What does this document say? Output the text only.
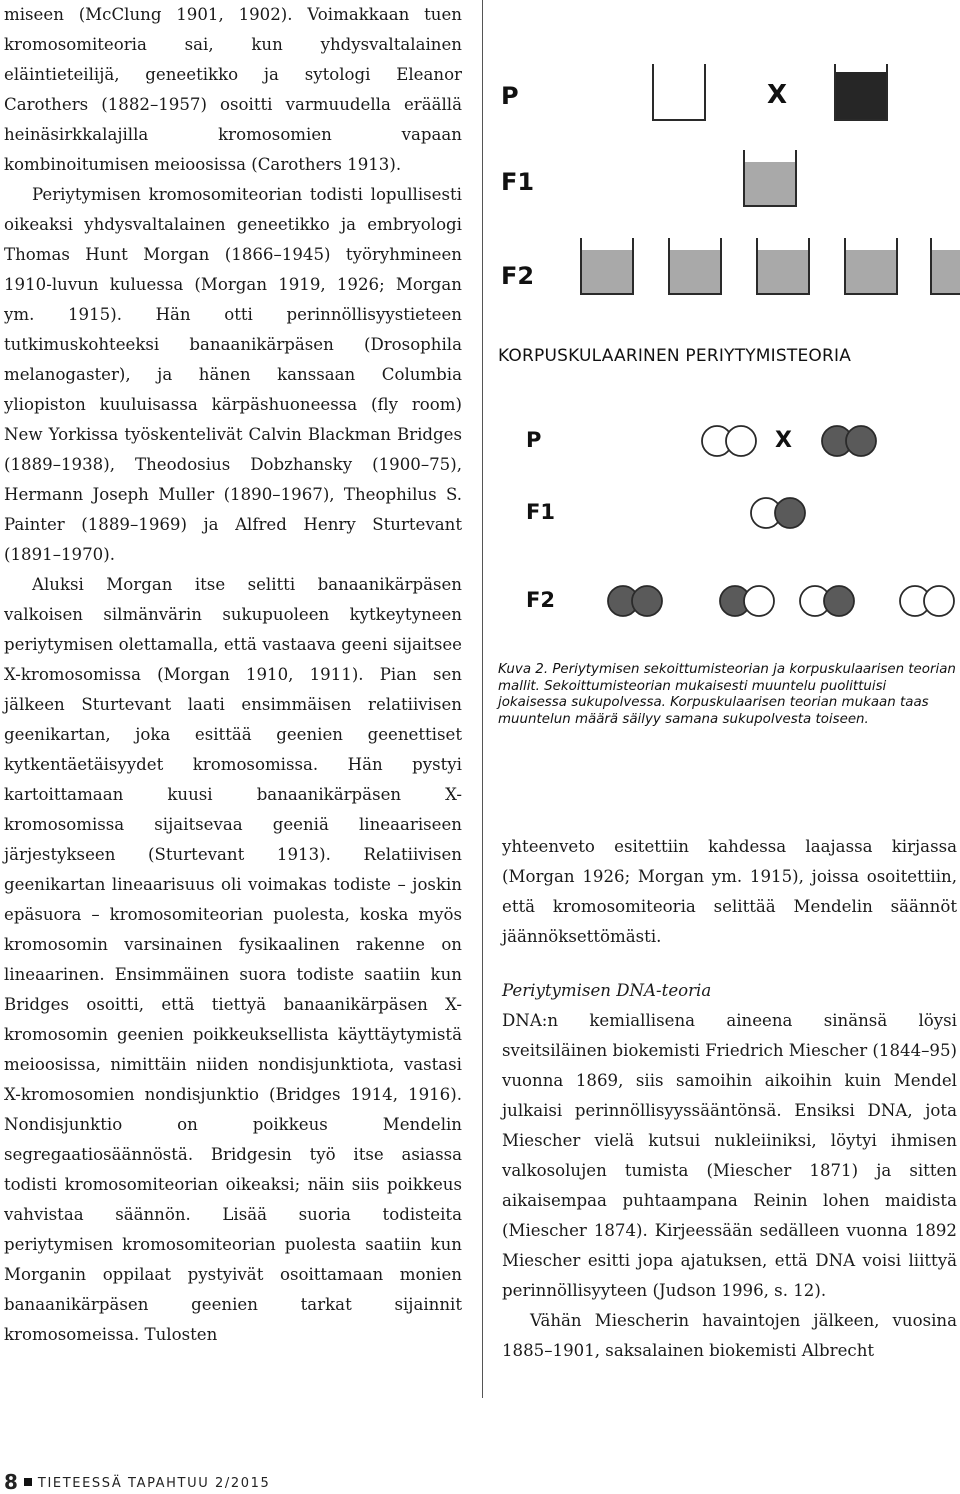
miseen (McClung 1901, 1902). Voimakkaan tuen kromosomiteoria sai, kun yhdysvaltalainen eläintieteilijä, geneetikko ja sytologi Eleanor Carothers (1882–1957) osoitti varmuudella eräällä heinäsirkkalajilla kromosomien vapaan kombinoitumisen meioosissa (Carothers 1913).

Periytymisen kromosomiteorian todisti lopullisesti oikeaksi yhdysvaltalainen geneetikko ja embryologi Thomas Hunt Morgan (1866–1945) työryhmineen 1910-luvun kuluessa (Morgan 1919, 1926; Morgan ym. 1915). Hän otti perinnöllisyystieteen tutkimuskohteeksi banaanikärpäsen (Drosophila melanogaster), ja hänen kanssaan Columbia yliopiston kuuluisassa kärpäshuoneessa (fly room) New Yorkissa työskentelivät Calvin Blackman Bridges (1889–1938), Theodosius Dobzhansky (1900–75), Hermann Joseph Muller (1890–1967), Theophilus S. Painter (1889–1969) ja Alfred Henry Sturtevant (1891–1970).

Aluksi Morgan itse selitti banaanikärpäsen valkoisen silmänvärin sukupuoleen kytkeytyneen periytymisen olettamalla, että vastaava geeni sijaitsee X-kromosomissa (Morgan 1910, 1911). Pian sen jälkeen Sturtevant laati ensimmäisen relatiivisen geenikartan, joka esittää geenien geenettiset kytkentäetäisyydet kromosomissa. Hän pystyi kartoittamaan kuusi banaanikärpäsen X-kromosomissa sijaitsevaa geeniä lineaariseen järjestykseen (Sturtevant 1913). Relatiivisen geenikartan lineaarisuus oli voimakas todiste – joskin epäsuora – kromosomiteorian puolesta, koska myös kromosomin varsinainen fysikaalinen rakenne on lineaarinen. Ensimmäinen suora todiste saatiin kun Bridges osoitti, että tiettyä banaanikärpäsen X-kromosomin geenien poikkeuksellista käyttäytymistä meioosissa, nimittäin niiden nondisjunktiota, vastasi X-kromosomien nondisjunktio (Bridges 1914, 1916). Nondisjunktio on poikkeus Mendelin segregaatiosäännöstä. Bridgesin työ itse asiassa todisti kromosomiteorian oikeaksi; näin siis poikkeus vahvistaa säännön. Lisää suoria todisteita periytymisen kromosomiteorian puolesta saatiin kun Morganin oppilaat pystyivät osoittamaan monien banaanikärpäsen geenien tarkat sijainnit kromosomeissa. Tulosten

P
F1
F2
X
KORPUSKULAARINEN PERIYTYMISTEORIA
P
F1
F2
X
Kuva 2. Periytymisen sekoittumisteorian ja korpuskulaarisen teorian mallit. Sekoittumisteorian mukaisesti muuntelu puolittuisi jokaisessa sukupolvessa. Korpuskulaarisen teorian mukaan taas muuntelun määrä säilyy samana sukupolvesta toiseen.

yhteenveto esitettiin kahdessa laajassa kirjassa (Morgan 1926; Morgan ym. 1915), joissa osoitettiin, että kromosomiteoria selittää Mendelin säännöt jäännöksettömästi.

Periytymisen DNA-teoria

DNA:n kemiallisena aineena sinänsä löysi sveitsiläinen biokemisti Friedrich Miescher (1844–95) vuonna 1869, siis samoihin aikoihin kuin Mendel julkaisi perinnöllisyyssääntönsä. Ensiksi DNA, jota Miescher vielä kutsui nukleiiniksi, löytyi ihmisen valkosolujen tumista (Miescher 1871) ja sitten aikaisempaa puhtaampana Reinin lohen maidista (Miescher 1874). Kirjeessään sedälleen vuonna 1892 Miescher esitti jopa ajatuksen, että DNA voisi liittyä perinnöllisyyteen (Judson 1996, s. 12).

Vähän Miescherin havaintojen jälkeen, vuosina 1885–1901, saksalainen biokemisti Albrecht

8 TIETEESSÄ TAPAHTUU 2/2015
